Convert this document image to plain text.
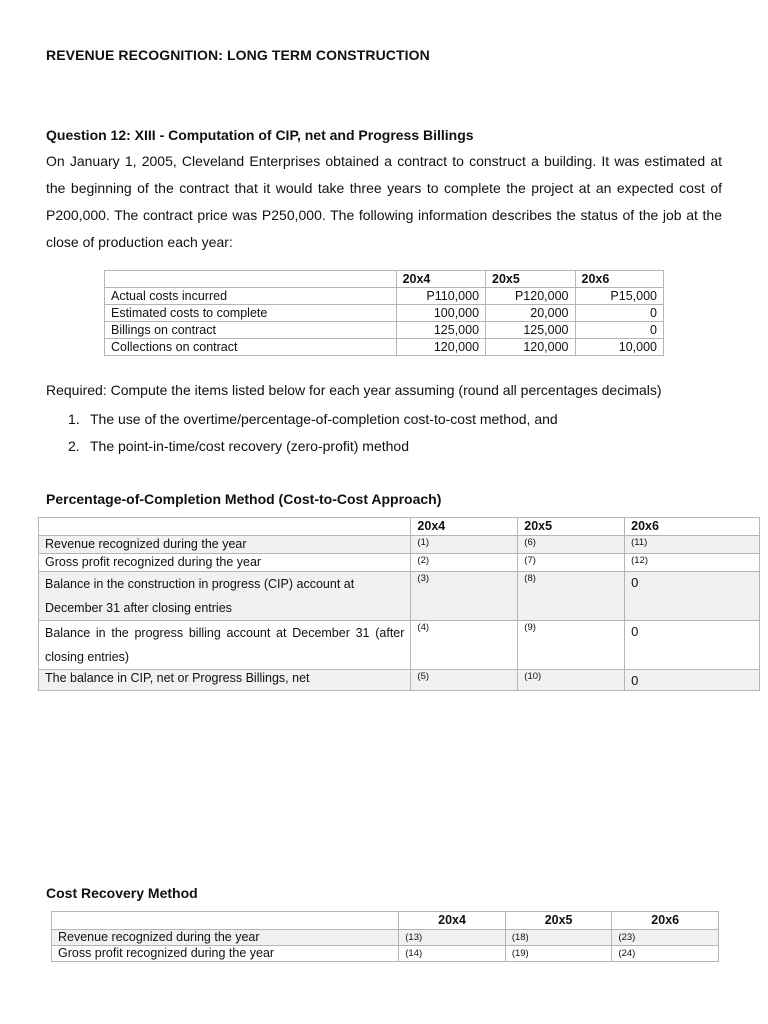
REVENUE RECOGNITION: LONG TERM CONSTRUCTION
Question 12: XIII - Computation of CIP, net and Progress Billings

On January 1, 2005, Cleveland Enterprises obtained a contract to construct a building. It was estimated at the beginning of the contract that it would take three years to complete the project at an expected cost of P200,000. The contract price was P250,000. The following information describes the status of the job at the close of production each year:

	20x4	20x5	20x6
Actual costs incurred	P110,000	P120,000	P15,000
Estimated costs to complete	100,000	20,000	0
Billings on contract	125,000	125,000	0
Collections on contract	120,000	120,000	10,000
Required: Compute the items listed below for each year assuming (round all percentages decimals)
1. The use of the overtime/percentage-of-completion cost-to-cost method, and
2. The point-in-time/cost recovery (zero-profit) method
Percentage-of-Completion Method (Cost-to-Cost Approach)
	20x4	20x5	20x6
Revenue recognized during the year	(1)	(6)	(11)
Gross profit recognized during the year	(2)	(7)	(12)
Balance in the construction in progress (CIP) account at December 31 after closing entries	(3)	(8)	0
Balance in the progress billing account at December 31 (after closing entries)	(4)	(9)	0
The balance in CIP, net or Progress Billings, net	(5)	(10)	0
Cost Recovery Method
	20x4	20x5	20x6
Revenue recognized during the year	(13)	(18)	(23)
Gross profit recognized during the year	(14)	(19)	(24)
